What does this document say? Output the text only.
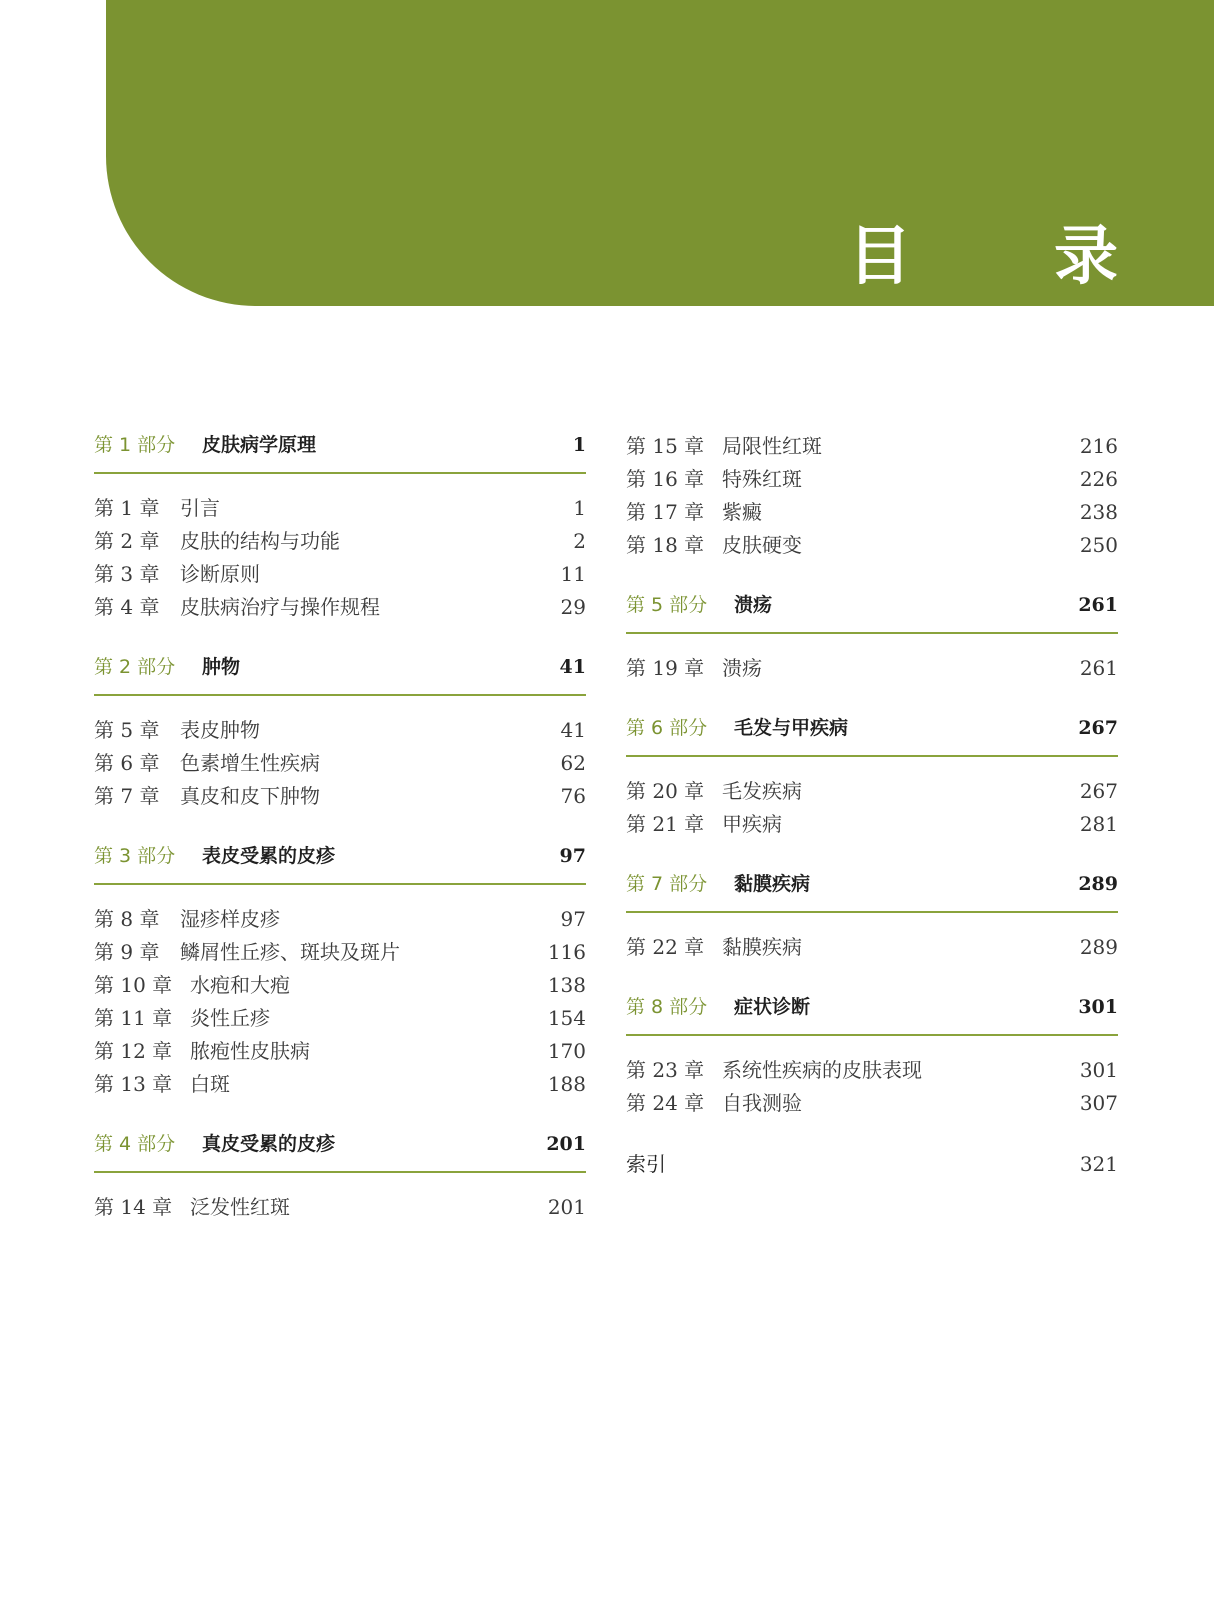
目 录
第 1 部分	皮肤病学原理	1
第 1 章	引言	1
第 2 章	皮肤的结构与功能	2
第 3 章	诊断原则	11
第 4 章	皮肤病治疗与操作规程	29
第 2 部分	肿物	41
第 5 章	表皮肿物	41
第 6 章	色素增生性疾病	62
第 7 章	真皮和皮下肿物	76
第 3 部分	表皮受累的皮疹	97
第 8 章	湿疹样皮疹	97
第 9 章	鳞屑性丘疹、斑块及斑片	116
第 10 章 水疱和大疱	138
第 11 章 炎性丘疹	154
第 12 章 脓疱性皮肤病	170
第 13 章 白斑	188
第 4 部分	真皮受累的皮疹	201
第 14 章 泛发性红斑	201
第 15 章 局限性红斑	216
第 16 章 特殊红斑	226
第 17 章 紫癜	238
第 18 章 皮肤硬变	250
第 5 部分	溃疡	261
第 19 章 溃疡	261
第 6 部分	毛发与甲疾病	267
第 20 章 毛发疾病	267
第 21 章 甲疾病	281
第 7 部分	黏膜疾病	289
第 22 章 黏膜疾病	289
第 8 部分	症状诊断	301
第 23 章 系统性疾病的皮肤表现	301
第 24 章 自我测验	307
索引	321
